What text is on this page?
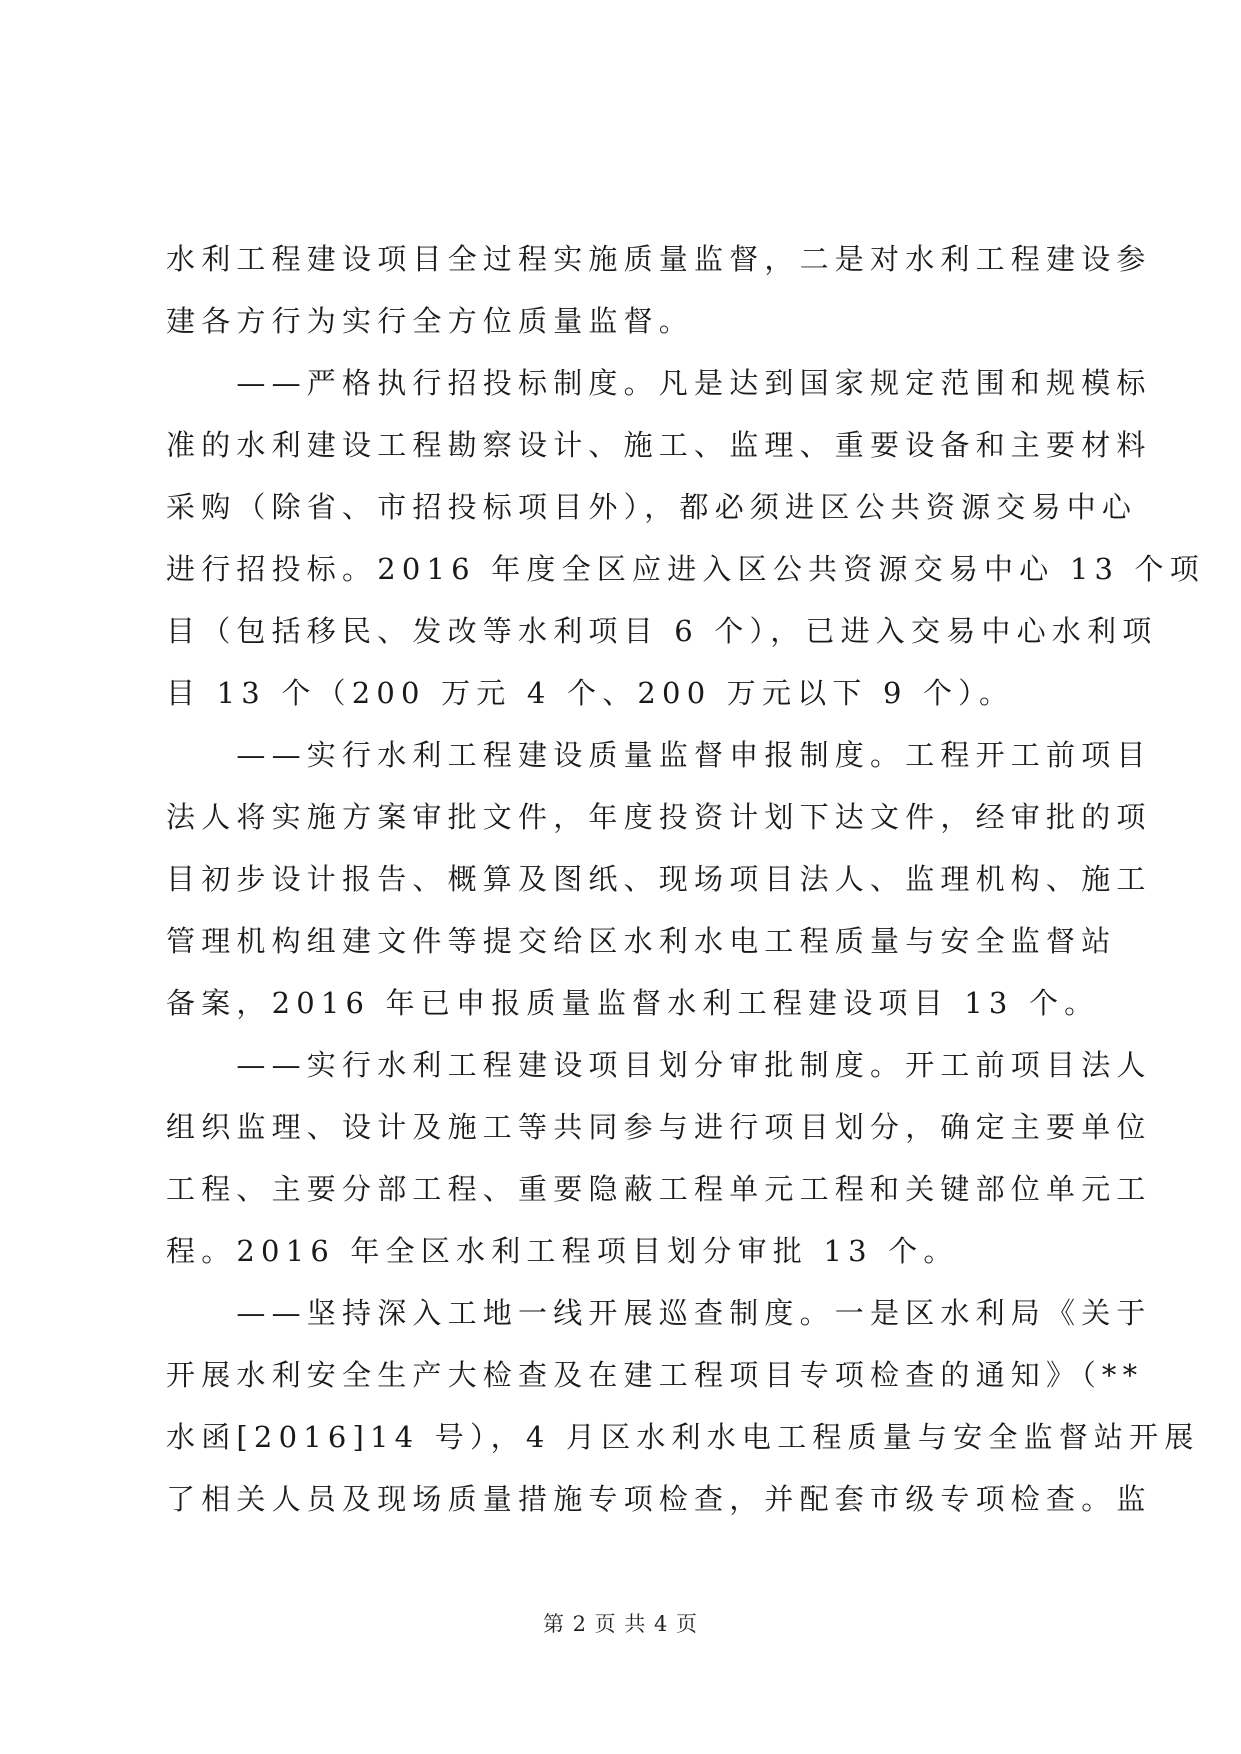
水利工程建设项目全过程实施质量监督，二是对水利工程建设参
建各方行为实行全方位质量监督。
　　——严格执行招投标制度。凡是达到国家规定范围和规模标
准的水利建设工程勘察设计、施工、监理、重要设备和主要材料
采购（除省、市招投标项目外），都必须进区公共资源交易中心
进行招投标。2016 年度全区应进入区公共资源交易中心 13 个项
目（包括移民、发改等水利项目 6 个），已进入交易中心水利项
目 13 个（200 万元 4 个、200 万元以下 9 个）。
　　——实行水利工程建设质量监督申报制度。工程开工前项目
法人将实施方案审批文件，年度投资计划下达文件，经审批的项
目初步设计报告、概算及图纸、现场项目法人、监理机构、施工
管理机构组建文件等提交给区水利水电工程质量与安全监督站
备案，2016 年已申报质量监督水利工程建设项目 13 个。
　　——实行水利工程建设项目划分审批制度。开工前项目法人
组织监理、设计及施工等共同参与进行项目划分，确定主要单位
工程、主要分部工程、重要隐蔽工程单元工程和关键部位单元工
程。2016 年全区水利工程项目划分审批 13 个。
　　——坚持深入工地一线开展巡查制度。一是区水利局《关于
开展水利安全生产大检查及在建工程项目专项检查的通知》（**
水函[2016]14 号），4 月区水利水电工程质量与安全监督站开展
了相关人员及现场质量措施专项检查，并配套市级专项检查。监
第 2 页 共 4 页
